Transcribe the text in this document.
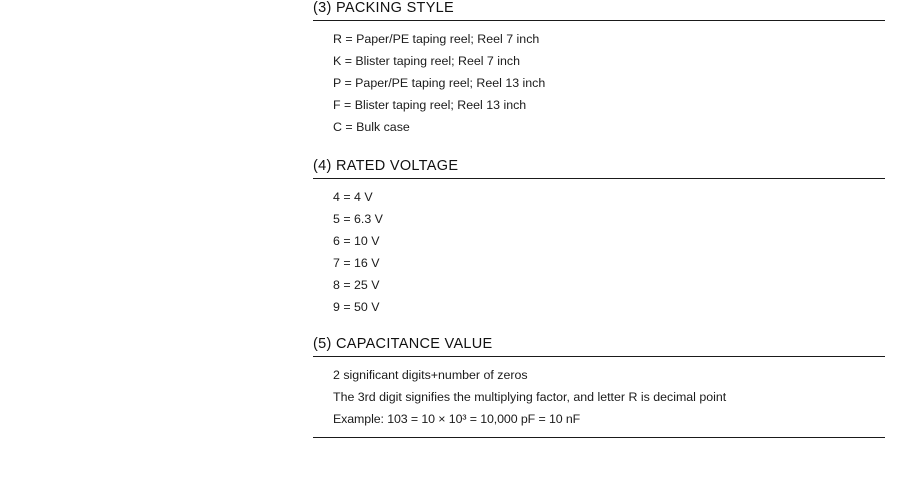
(3) PACKING STYLE
R = Paper/PE taping reel; Reel 7 inch
K = Blister taping reel; Reel 7 inch
P = Paper/PE taping reel; Reel 13 inch
F = Blister taping reel; Reel 13 inch
C = Bulk case
(4) RATED VOLTAGE
4 = 4 V
5 = 6.3 V
6 = 10 V
7 = 16 V
8 = 25 V
9 = 50 V
(5) CAPACITANCE VALUE
2 significant digits+number of zeros
The 3rd digit signifies the multiplying factor, and letter R is decimal point
Example: 103 = 10 × 10³ = 10,000 pF = 10 nF
